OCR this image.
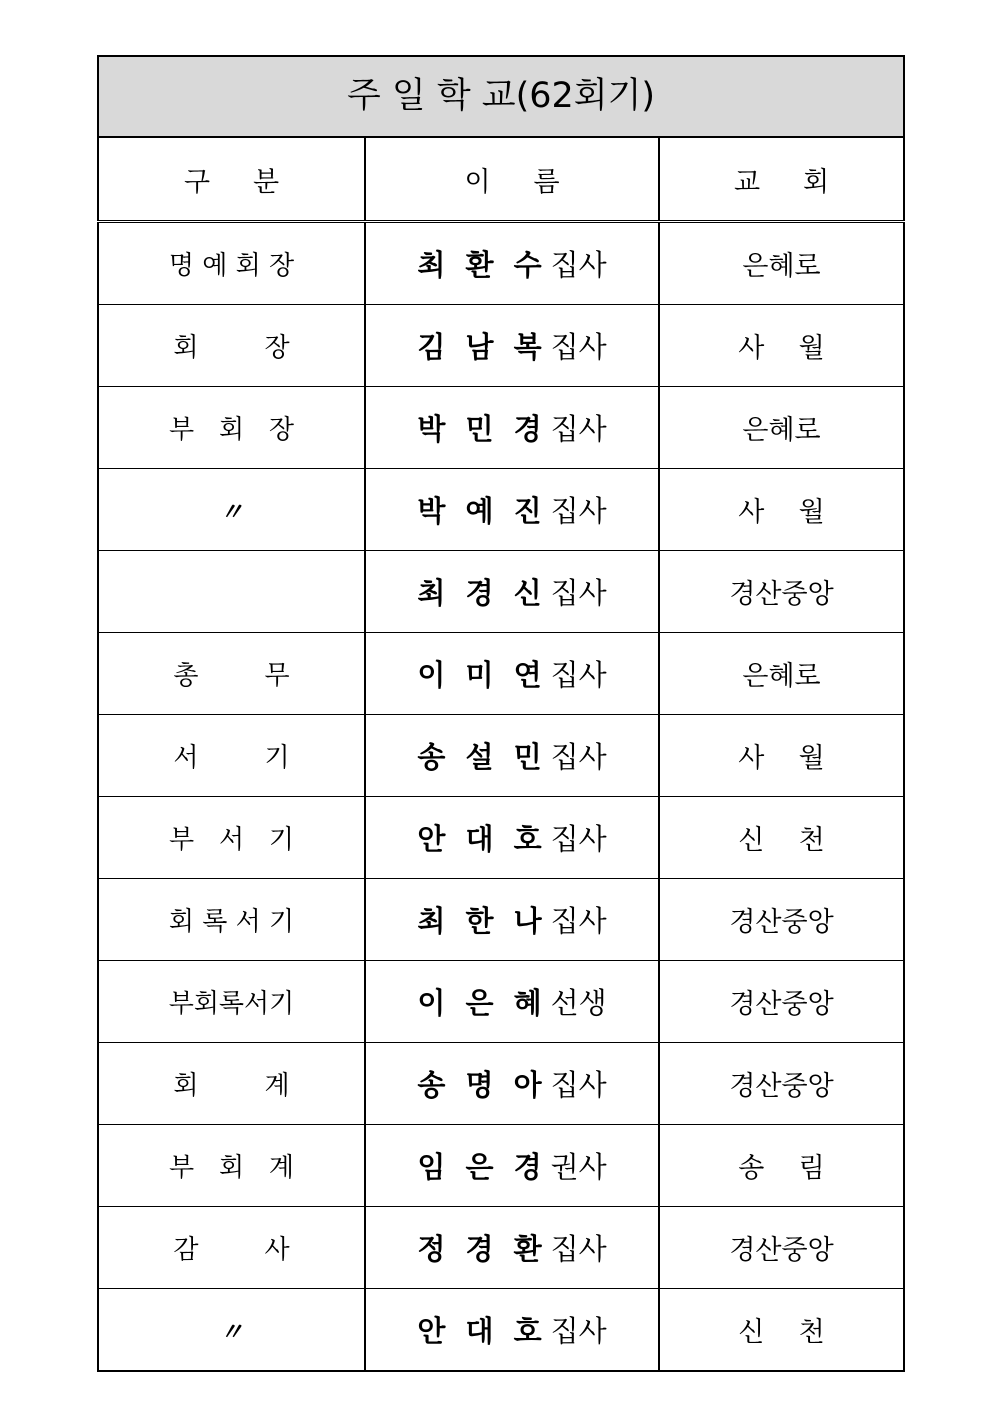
주 일 학 교(62회기)		
구     분	이     름	교     회
명 예 회 장	최 환 수 집사	은혜로
회        장	김 남 복 집사	사    월
부   회   장	박 민 경 집사	은혜로
〃	박 예 진 집사	사    월
	최 경 신 집사	경산중앙
총        무	이 미 연 집사	은혜로
서        기	송 설 민 집사	사    월
부   서   기	안 대 호 집사	신    천
회 록 서 기	최 한 나 집사	경산중앙
부회록서기	이 은 혜 선생	경산중앙
회        계	송 명 아 집사	경산중앙
부   회   계	임 은 경 권사	송    림
감        사	정 경 환 집사	경산중앙
〃	안 대 호 집사	신    천
